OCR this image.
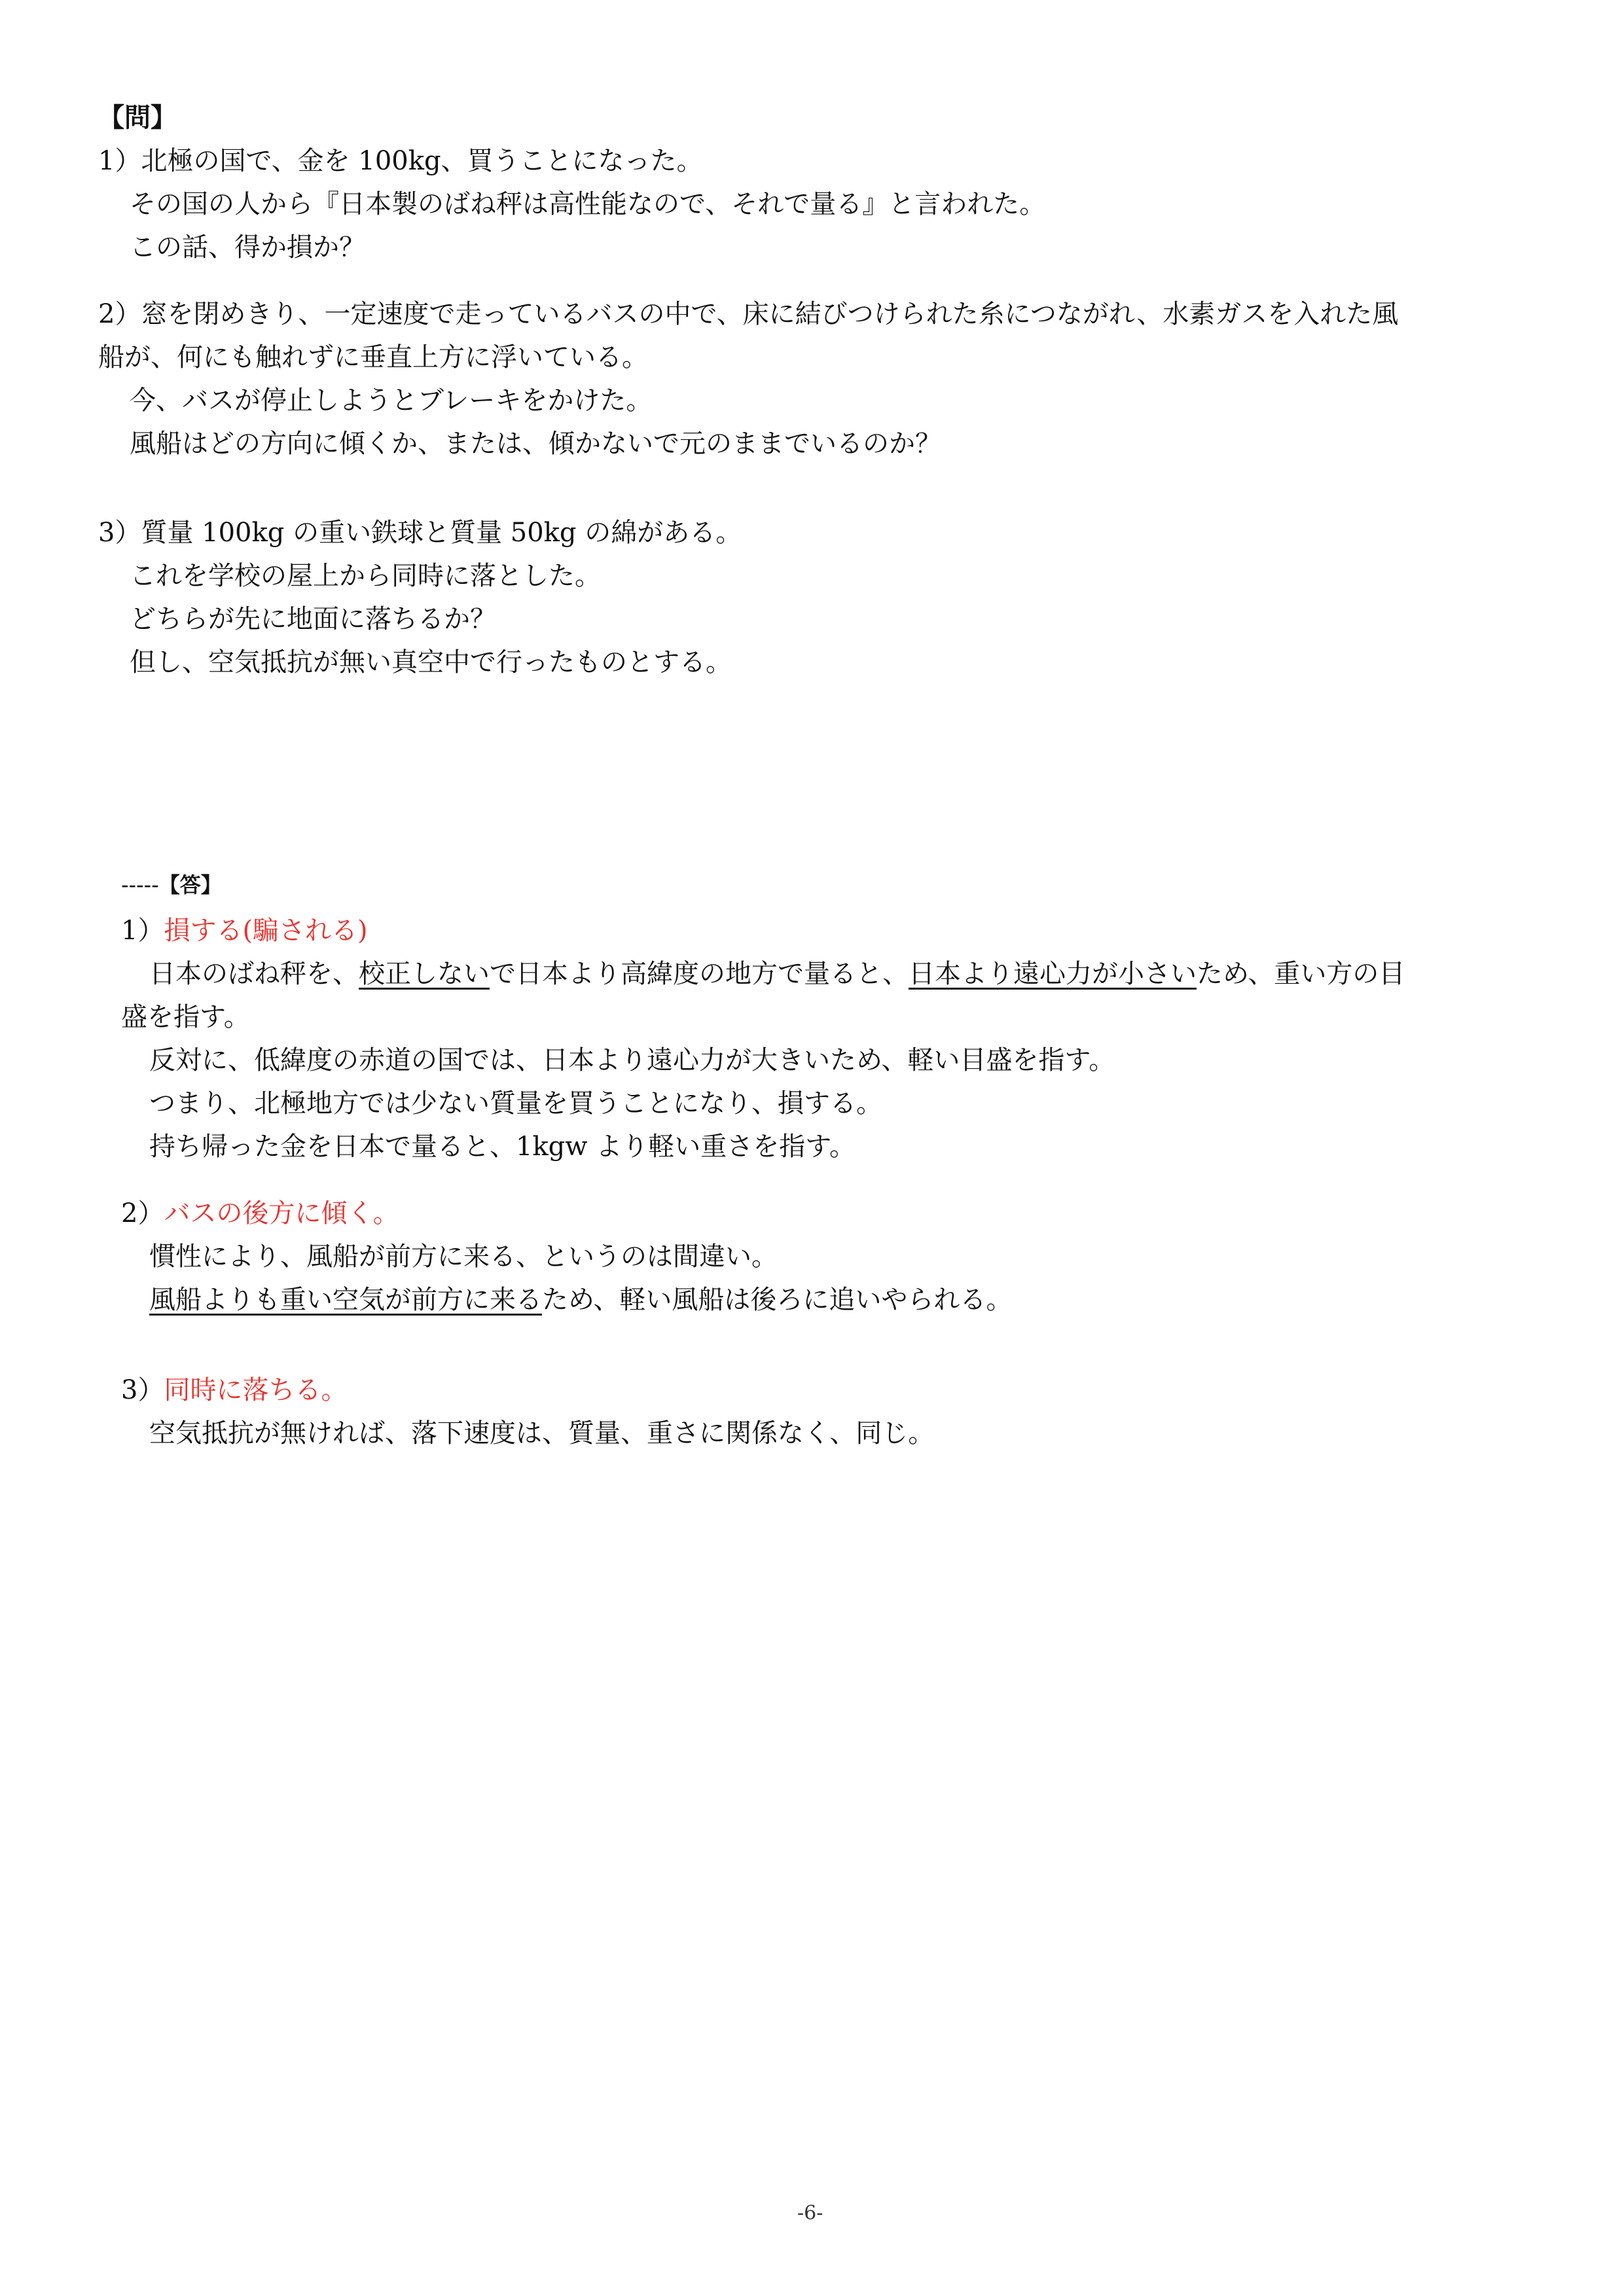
【問】
1）北極の国で、金を 100kg、買うことになった。
その国の人から『日本製のばね秤は高性能なので、それで量る』と言われた。
この話、得か損か？
2）窓を閉めきり、一定速度で走っているバスの中で、床に結びつけられた糸につながれ、水素ガスを入れた風
船が、何にも触れずに垂直上方に浮いている。
今、バスが停止しようとブレーキをかけた。
風船はどの方向に傾くか、または、傾かないで元のままでいるのか？
3）質量 100kg の重い鉄球と質量 50kg の綿がある。
これを学校の屋上から同時に落とした。
どちらが先に地面に落ちるか？
但し、空気抵抗が無い真空中で行ったものとする。
-----【答】
1）損する(騙される)
日本のばね秤を、校正しないで日本より高緯度の地方で量ると、日本より遠心力が小さいため、重い方の目
盛を指す。
反対に、低緯度の赤道の国では、日本より遠心力が大きいため、軽い目盛を指す。
つまり、北極地方では少ない質量を買うことになり、損する。
持ち帰った金を日本で量ると、1kgw より軽い重さを指す。
2）バスの後方に傾く。
慣性により、風船が前方に来る、というのは間違い。
風船よりも重い空気が前方に来るため、軽い風船は後ろに追いやられる。
3）同時に落ちる。
空気抵抗が無ければ、落下速度は、質量、重さに関係なく、同じ。
-6-
